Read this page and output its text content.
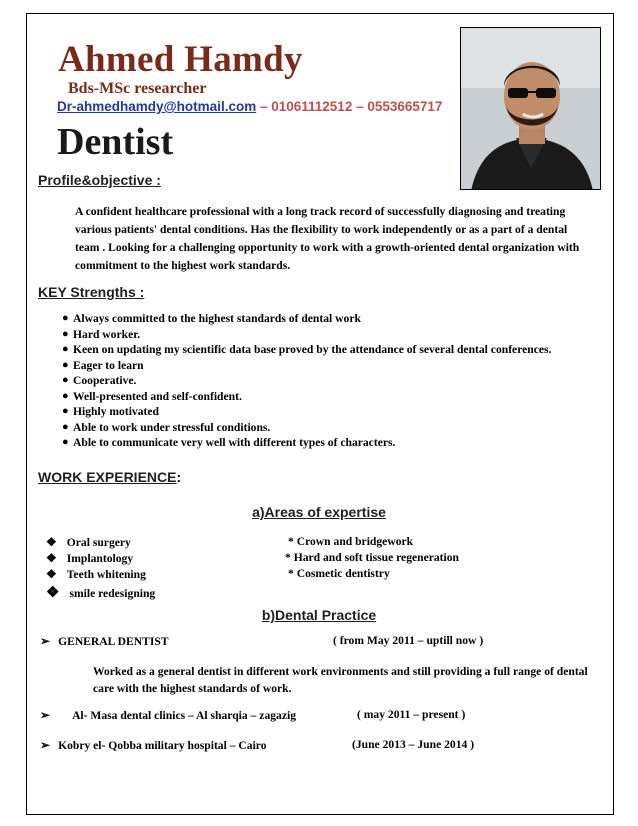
Ahmed Hamdy
Bds-MSc researcher
Dr-ahmedhamdy@hotmail.com – 01061112512 – 0553665717
Dentist
Profile&objective :
A confident healthcare professional with a long track record of successfully diagnosing and treating various patients' dental conditions. Has the flexibility to work independently or as a part of a dental team . Looking for a challenging opportunity to work with a growth-oriented dental organization with commitment to the highest work standards.
KEY Strengths :
● Always committed to the highest standards of dental work
● Hard worker.
● Keen on updating my scientific data base proved by the attendance of several dental conferences.
● Eager to learn
● Cooperative.
● Well-presented and self-confident.
● Highly motivated
● Able to work under stressful conditions.
● Able to communicate very well with different types of characters.
WORK EXPERIENCE:
a)Areas of expertise
❖ Oral surgery
❖ Implantology
❖ Teeth whitening
❖ smile redesigning
* Crown and bridgework
* Hard and soft tissue regeneration
* Cosmetic dentistry
b)Dental Practice
➢ GENERAL DENTIST	( from May 2011 – uptill now )
Worked as a general dentist in different work environments and still providing a full range of dental care with the highest standards of work.
➢ Al- Masa dental clinics – Al sharqia – zagazig	( may 2011 – present )
➢ Kobry el- Qobba military hospital – Cairo	(June 2013 – June 2014 )
